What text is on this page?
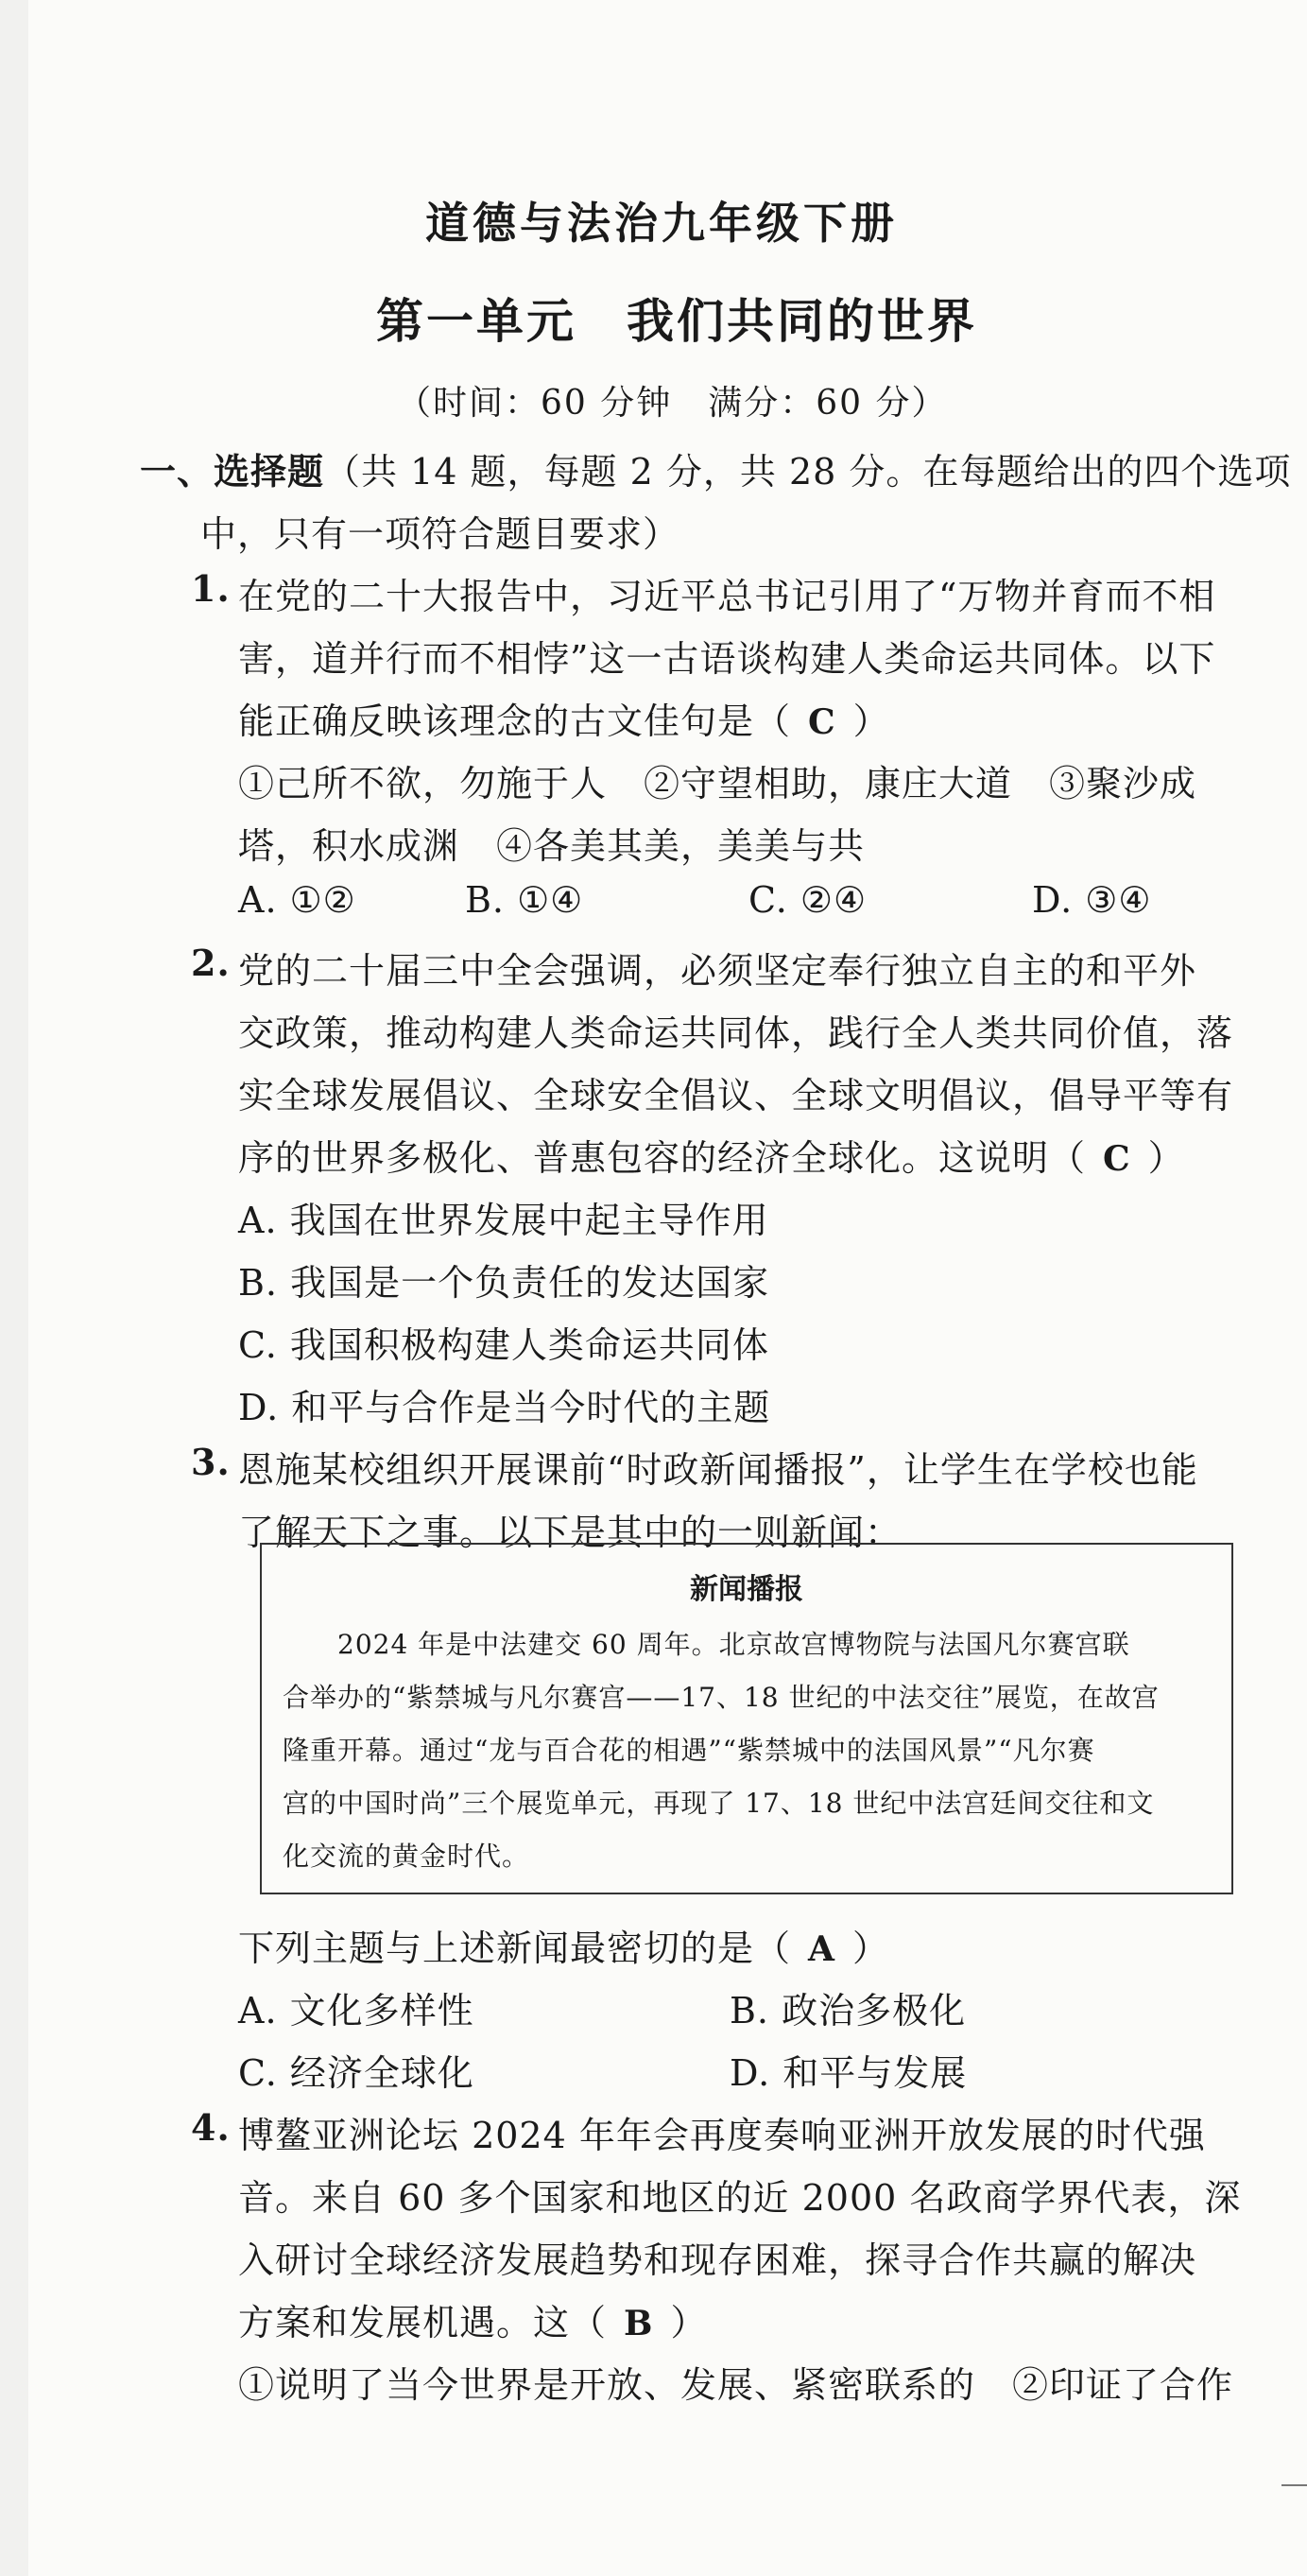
道德与法治九年级下册
第一单元　我们共同的世界
（时间：60 分钟　满分：60 分）
一、选择题（共 14 题，每题 2 分，共 28 分。在每题给出的四个选项
中，只有一项符合题目要求）
1. 在党的二十大报告中，习近平总书记引用了“万物并育而不相
害，道并行而不相悖”这一古语谈构建人类命运共同体。以下
能正确反映该理念的古文佳句是（ C ）
①己所不欲，勿施于人　②守望相助，康庄大道　③聚沙成
塔，积水成渊　④各美其美，美美与共
A. ①②	B. ①④	C. ②④	D. ③④
2. 党的二十届三中全会强调，必须坚定奉行独立自主的和平外
交政策，推动构建人类命运共同体，践行全人类共同价值，落
实全球发展倡议、全球安全倡议、全球文明倡议，倡导平等有
序的世界多极化、普惠包容的经济全球化。这说明（ C ）
A. 我国在世界发展中起主导作用
B. 我国是一个负责任的发达国家
C. 我国积极构建人类命运共同体
D. 和平与合作是当今时代的主题
3. 恩施某校组织开展课前“时政新闻播报”，让学生在学校也能
了解天下之事。以下是其中的一则新闻：
新闻播报
2024 年是中法建交 60 周年。北京故宫博物院与法国凡尔赛宫联
合举办的“紫禁城与凡尔赛宫——17、18 世纪的中法交往”展览，在故宫
隆重开幕。通过“龙与百合花的相遇”“紫禁城中的法国风景”“凡尔赛
宫的中国时尚”三个展览单元，再现了 17、18 世纪中法宫廷间交往和文
化交流的黄金时代。
下列主题与上述新闻最密切的是（ A ）
A. 文化多样性	B. 政治多极化
C. 经济全球化	D. 和平与发展
4. 博鳌亚洲论坛 2024 年年会再度奏响亚洲开放发展的时代强
音。来自 60 多个国家和地区的近 2000 名政商学界代表，深
入研讨全球经济发展趋势和现存困难，探寻合作共赢的解决
方案和发展机遇。这（ B ）
①说明了当今世界是开放、发展、紧密联系的　②印证了合作
